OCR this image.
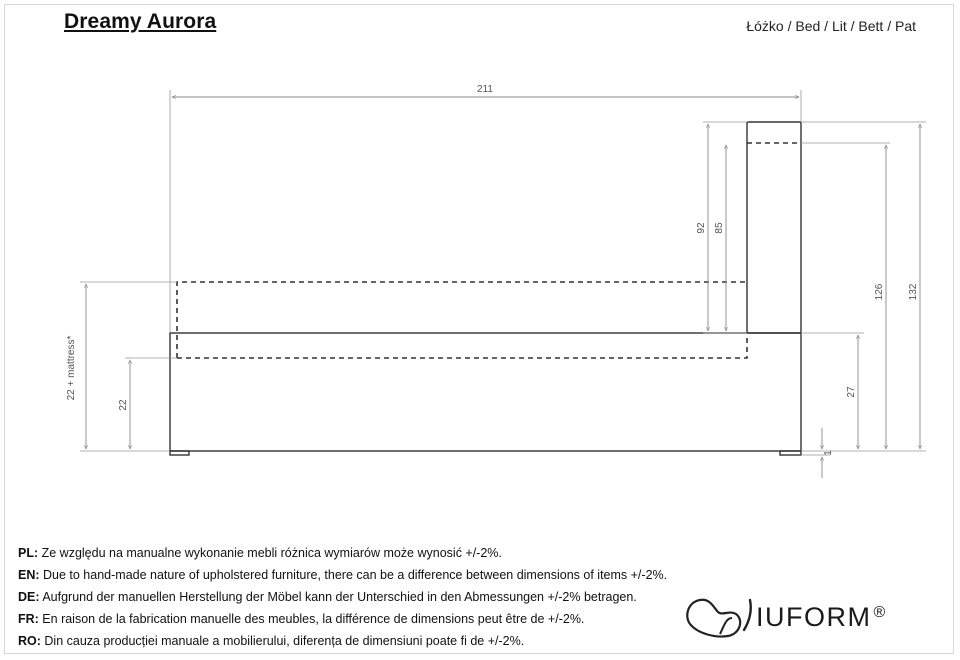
Dreamy Aurora	Łóżko / Bed / Lit / Bett / Pat
211
92 85
132
126
27
1
22 + mattress*
22
PL: Ze względu na manualne wykonanie mebli różnica wymiarów może wynosić +/-2%.
EN: Due to hand-made nature of upholstered furniture, there can be a difference between dimensions of items +/-2%.
DE: Aufgrund der manuellen Herstellung der Möbel kann der Unterschied in den Abmessungen +/-2% betragen.
FR: En raison de la fabrication manuelle des meubles, la différence de dimensions peut être de +/-2%.
RO: Din cauza producției manuale a mobilierului, diferența de dimensiuni poate fi de +/-2%.
IUFORM ®
